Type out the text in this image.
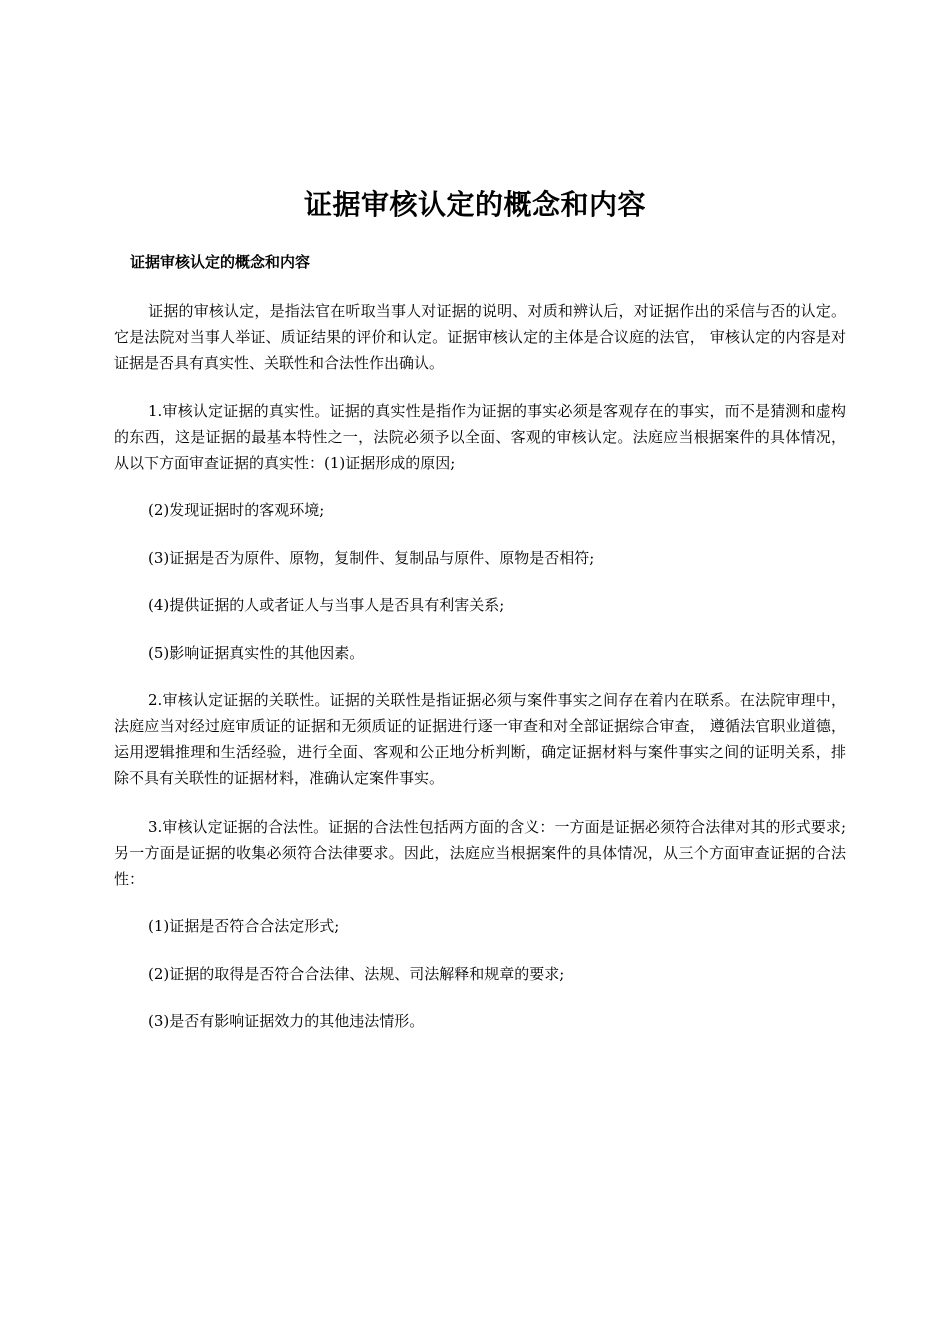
证据审核认定的概念和内容
证据审核认定的概念和内容
证据的审核认定，是指法官在听取当事人对证据的说明、对质和辨认后，对证据作出的采信与否的认定。它是法院对当事人举证、质证结果的评价和认定。证据审核认定的主体是合议庭的法官， 审核认定的内容是对证据是否具有真实性、关联性和合法性作出确认。
1.审核认定证据的真实性。证据的真实性是指作为证据的事实必须是客观存在的事实，而不是猜测和虚构的东西，这是证据的最基本特性之一，法院必须予以全面、客观的审核认定。法庭应当根据案件的具体情况，从以下方面审查证据的真实性：(1)证据形成的原因;
(2)发现证据时的客观环境;
(3)证据是否为原件、原物，复制件、复制品与原件、原物是否相符;
(4)提供证据的人或者证人与当事人是否具有利害关系;
(5)影响证据真实性的其他因素。
2.审核认定证据的关联性。证据的关联性是指证据必须与案件事实之间存在着内在联系。在法院审理中，法庭应当对经过庭审质证的证据和无须质证的证据进行逐一审查和对全部证据综合审查， 遵循法官职业道德，运用逻辑推理和生活经验，进行全面、客观和公正地分析判断，确定证据材料与案件事实之间的证明关系，排除不具有关联性的证据材料，准确认定案件事实。
3.审核认定证据的合法性。证据的合法性包括两方面的含义：一方面是证据必须符合法律对其的形式要求;另一方面是证据的收集必须符合法律要求。因此，法庭应当根据案件的具体情况，从三个方面审查证据的合法性：
(1)证据是否符合合法定形式;
(2)证据的取得是否符合合法律、法规、司法解释和规章的要求;
(3)是否有影响证据效力的其他违法情形。
